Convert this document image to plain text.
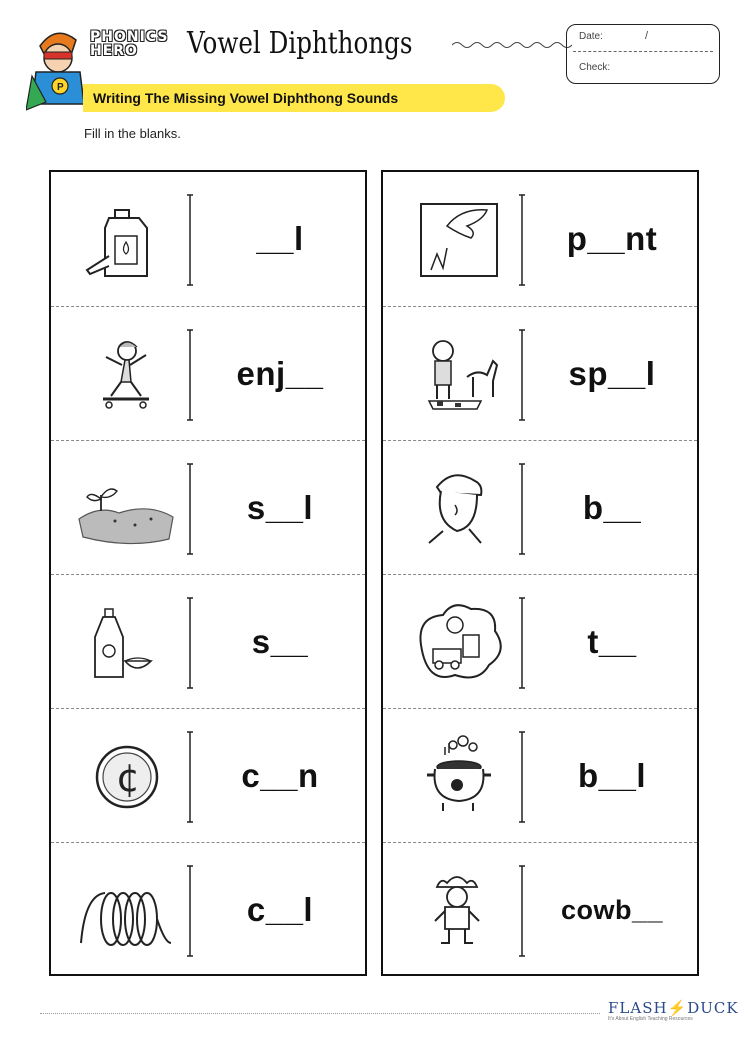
P
PHONICS
HERO	Vowel Diphthongs	Date:	/
Check:
Writing The Missing Vowel Diphthong Sounds
Fill in the blanks.
__l
enj__
s__l
s__
¢	c__n
c__l
p__nt
sp__l
b__
t__
b__l
cowb__
FLASH⚡DUCK
It's About English Teaching Resources
